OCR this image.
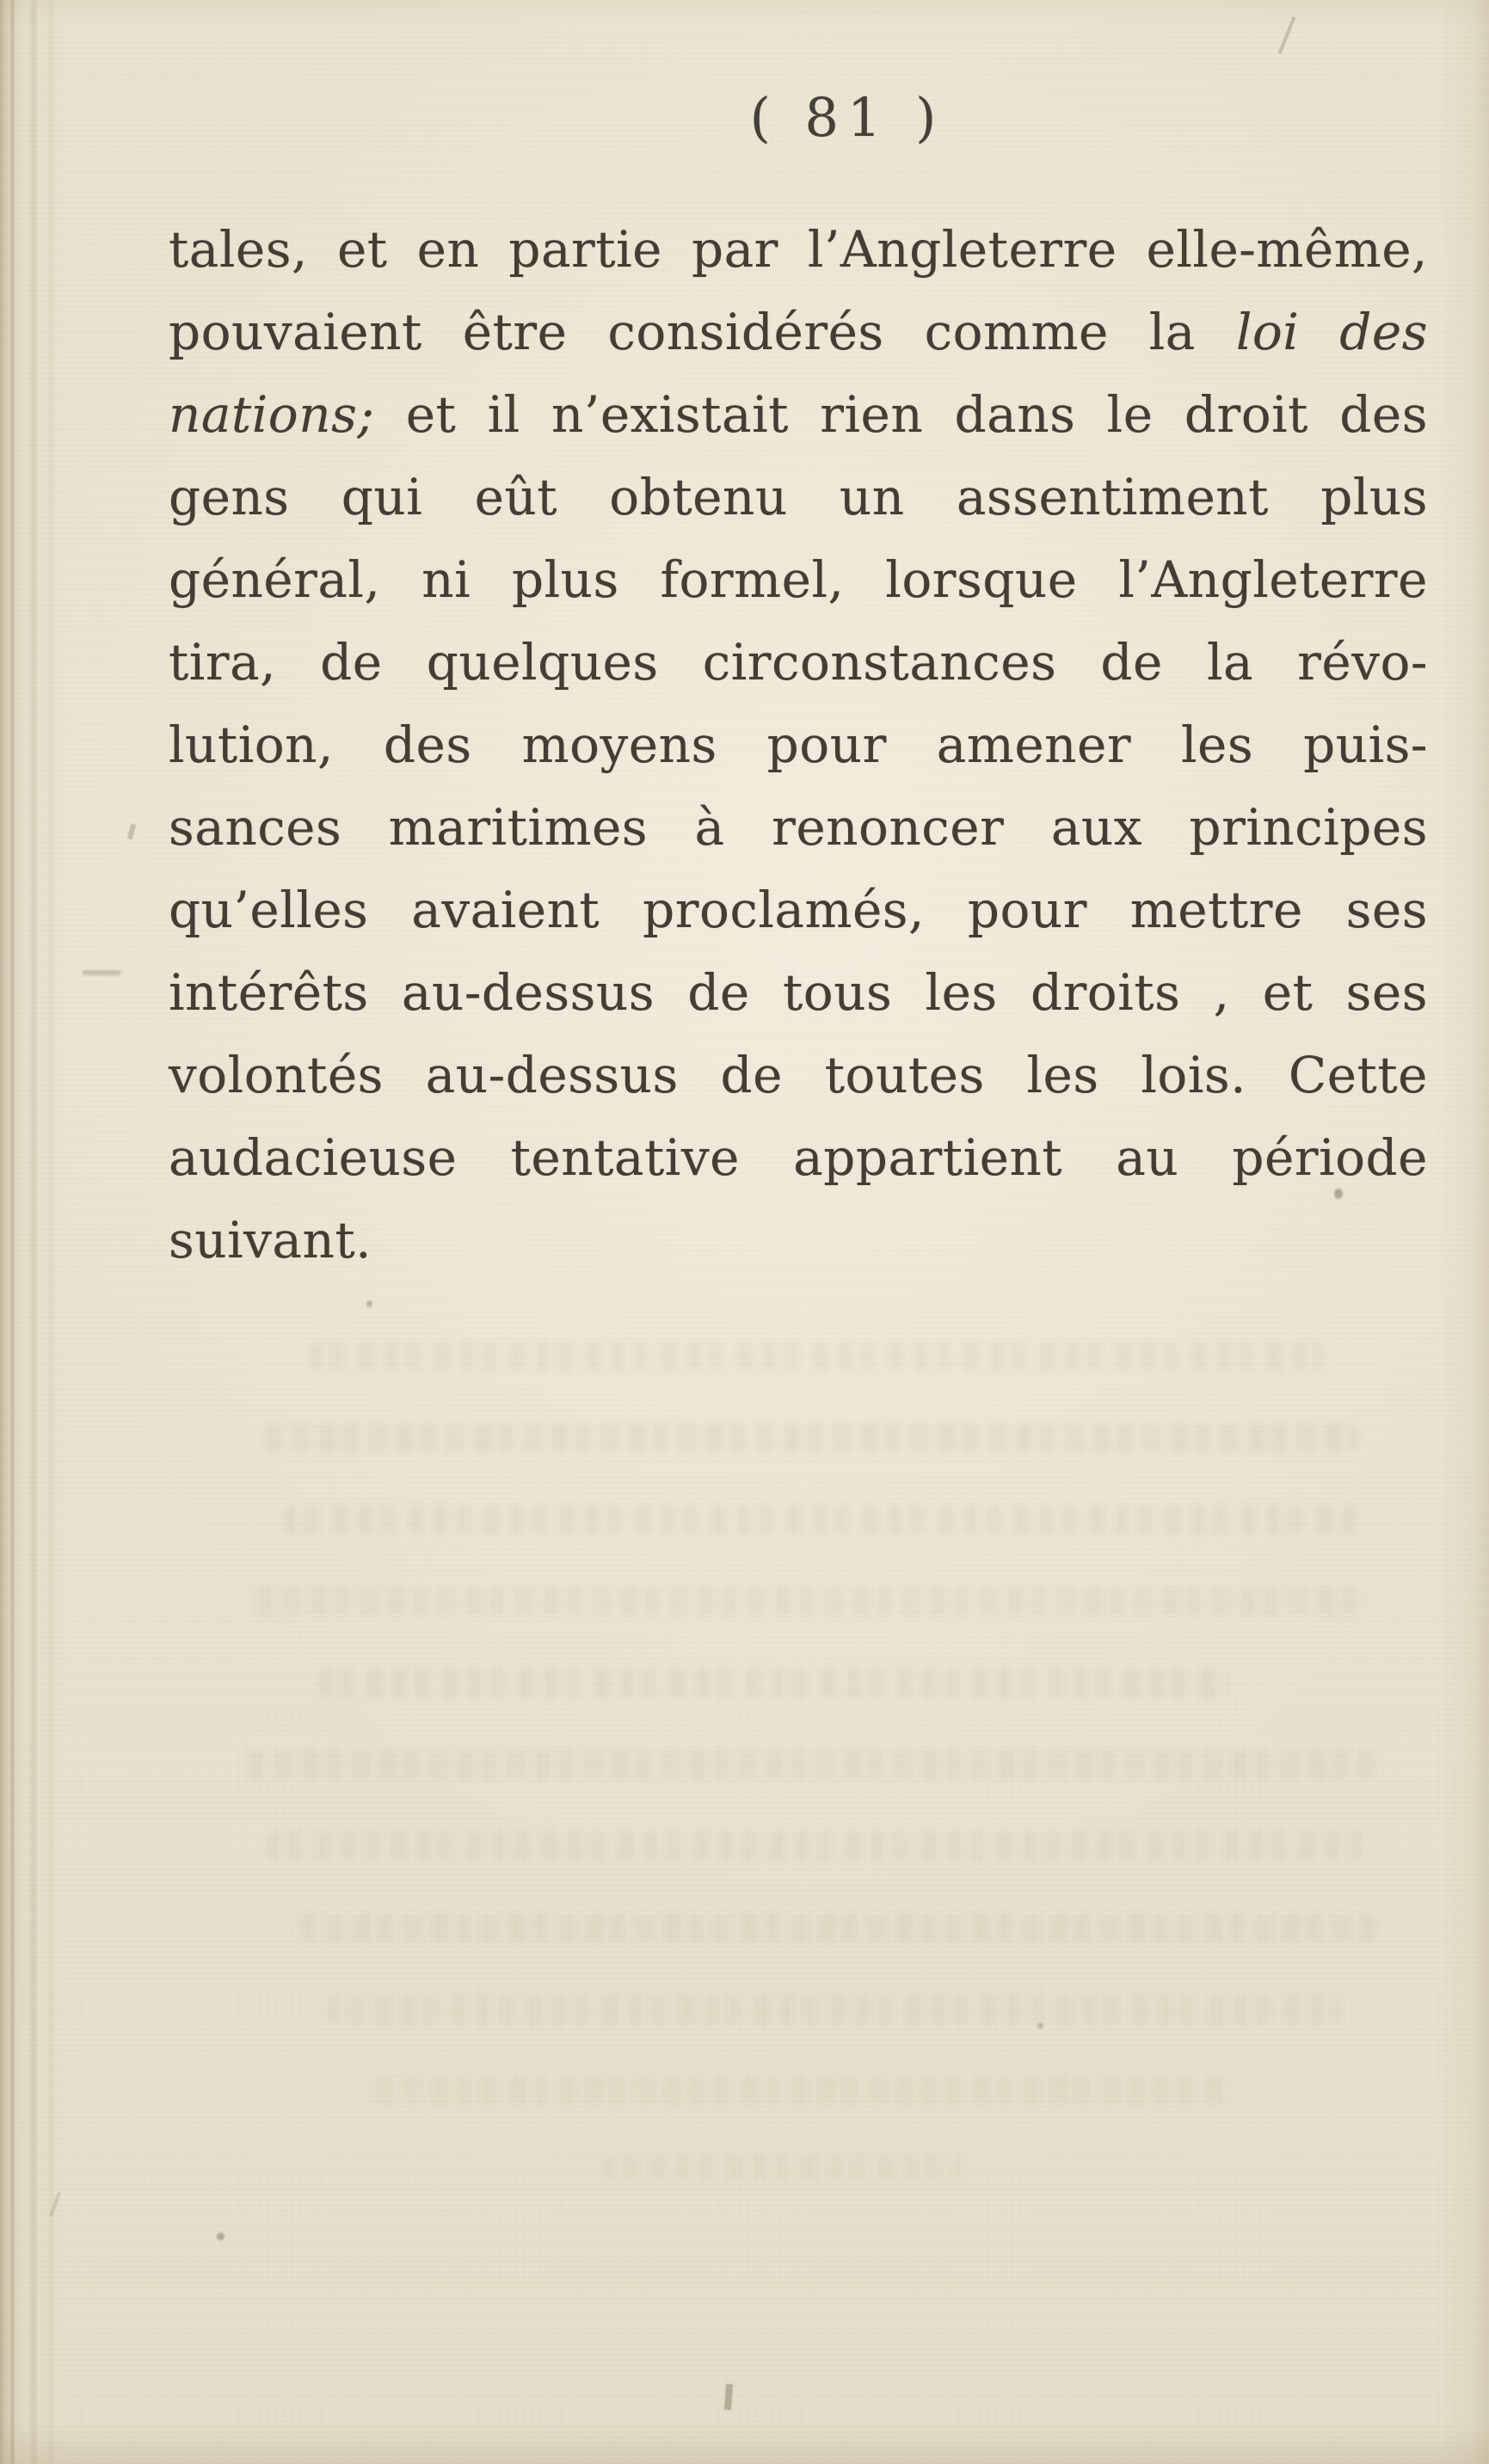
( 81 )
tales, et en partie par l’Angleterre elle-même,
pouvaient être considérés comme la loi des
nations; et il n’existait rien dans le droit des
gens qui eût obtenu un assentiment plus
général, ni plus formel, lorsque l’Angleterre
tira, de quelques circonstances de la révo-
lution, des moyens pour amener les puis-
sances maritimes à renoncer aux principes
qu’elles avaient proclamés, pour mettre ses
intérêts au-dessus de tous les droits , et ses
volontés au-dessus de toutes les lois. Cette
audacieuse tentative appartient au période
suivant.
